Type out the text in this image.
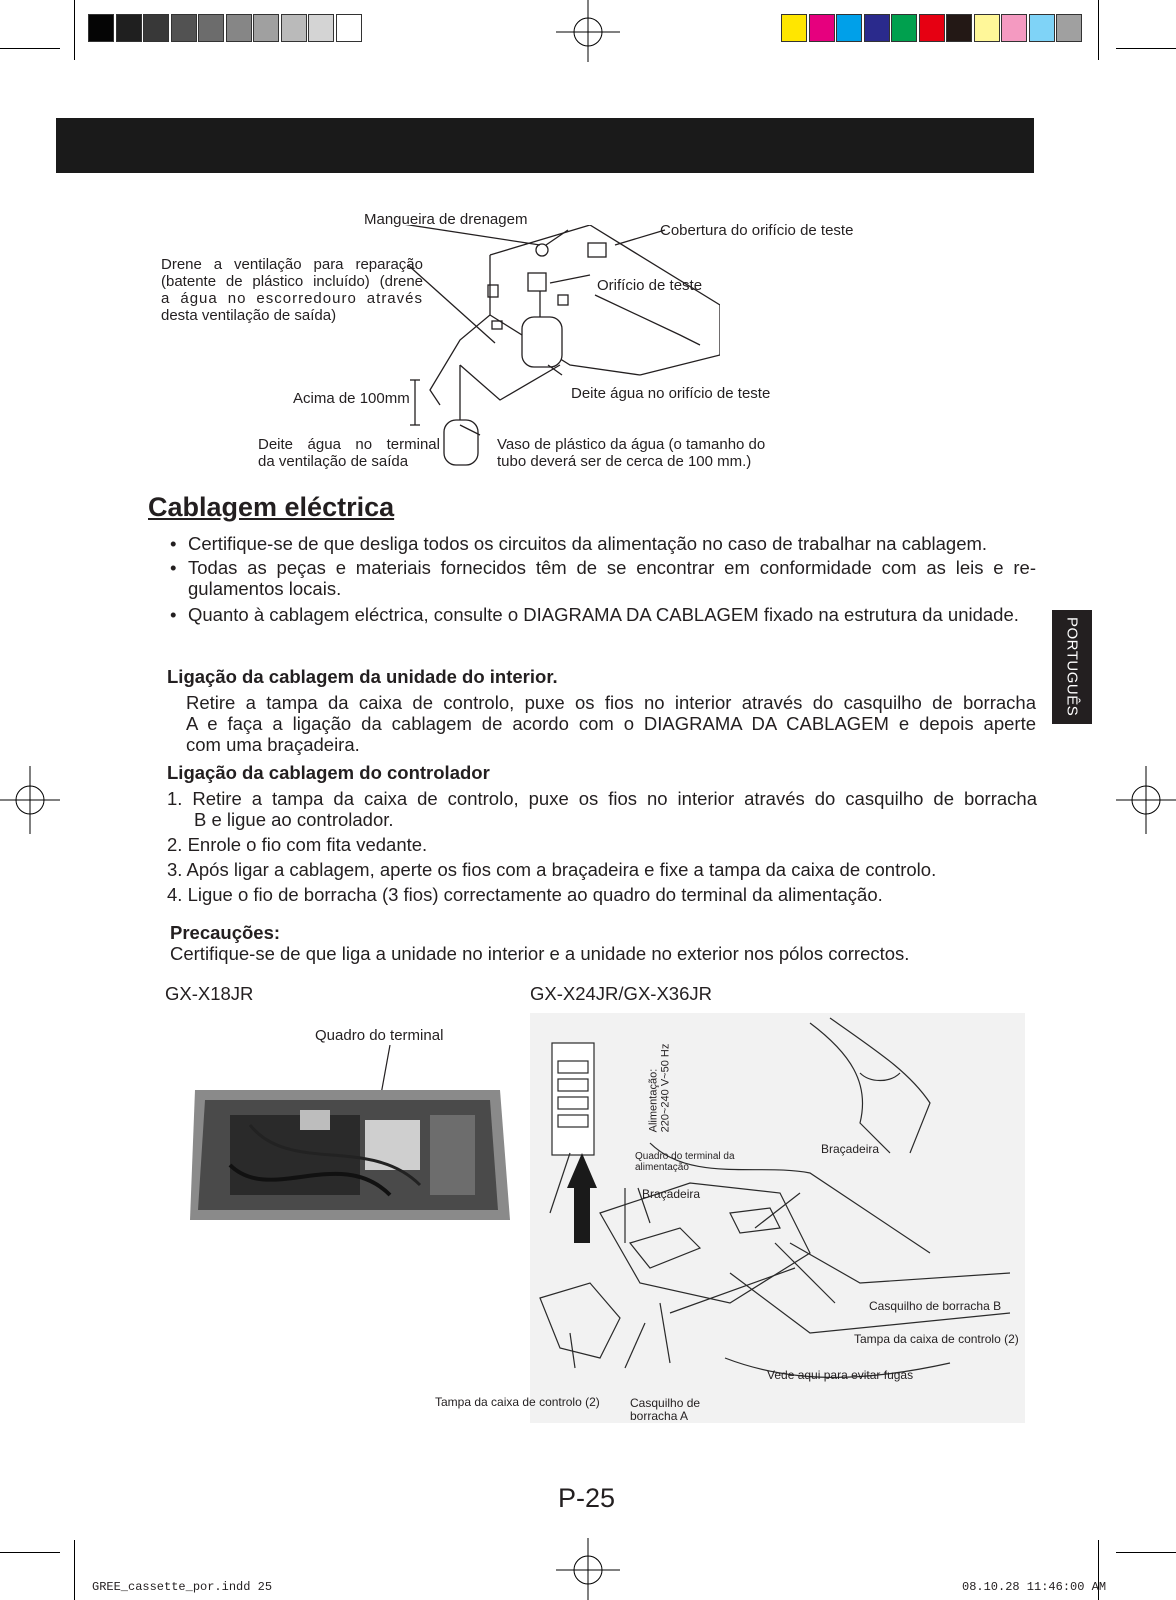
Mangueira de drenagem
Cobertura do orifício de teste
Orifício de teste
Drene a ventilação para reparação
(batente de plástico incluído) (drene
a água no escorredouro através
desta ventilação de saída)
Acima de 100mm	Deite água no orifício de teste
Deite água no terminal
da ventilação de saída
Vaso de plástico da água (o tamanho do
tubo deverá ser de cerca de 100 mm.)
Cablagem eléctrica
• Certifique-se de que desliga todos os circuitos da alimentação no caso de trabalhar na cablagem.
• Todas as peças e materiais fornecidos têm de se encontrar em conformidade com as leis e re-gulamentos locais.
• Quanto à cablagem eléctrica, consulte o DIAGRAMA DA CABLAGEM fixado na estrutura da unidade.
Ligação da cablagem da unidade do interior.
Retire a tampa da caixa de controlo, puxe os fios no interior através do casquilho de borracha
A e faça a ligação da cablagem de acordo com o DIAGRAMA DA CABLAGEM e depois aperte
com uma braçadeira.
Ligação da cablagem do controlador
1. Retire a tampa da caixa de controlo, puxe os fios no interior através do casquilho de borracha
B e ligue ao controlador.
2. Enrole o fio com fita vedante.
3. Após ligar a cablagem, aperte os fios com a braçadeira e fixe a tampa da caixa de controlo.
4. Ligue o fio de borracha (3 fios) correctamente ao quadro do terminal da alimentação.
Precauções:
Certifique-se de que liga a unidade no interior e a unidade no exterior nos pólos correctos.
GX-X18JR	GX-X24JR/GX-X36JR
Quadro do terminal
Alimentação: 220~240 V~50 Hz
Quadro do terminal da
alimentação
Braçadeira
Braçadeira
Casquilho de borracha B
Tampa da caixa de controlo (2)
Vede aqui para evitar fugas
Tampa da caixa de controlo (2)	Casquilho de
borracha A
PORTUGUÊS
P-25
GREE_cassette_por.indd 25	08.10.28 11:46:00 AM
